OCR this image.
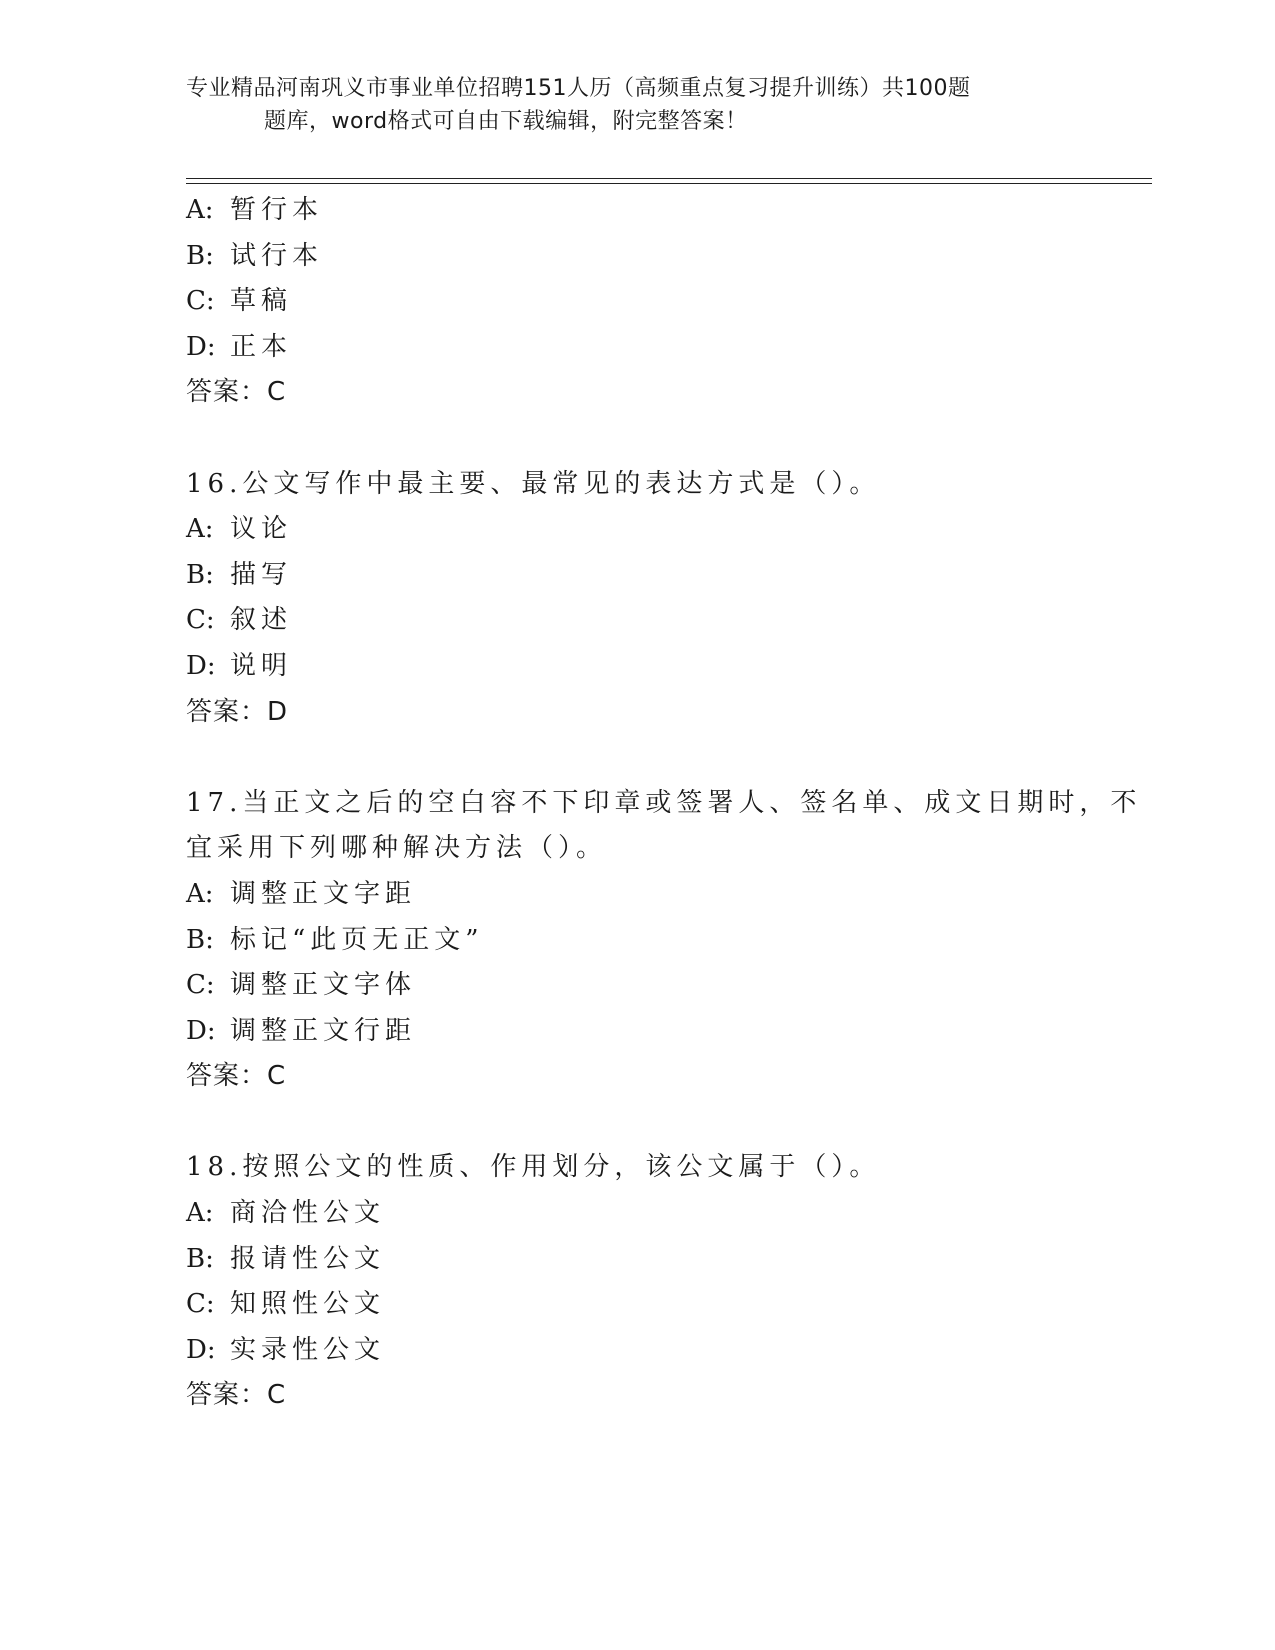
专业精品河南巩义市事业单位招聘151人历（高频重点复习提升训练）共100题
题库，word格式可自由下载编辑，附完整答案！
A: 暂行本
B: 试行本
C: 草稿
D: 正本
答案：C
16.公文写作中最主要、最常见的表达方式是（）。
A: 议论
B: 描写
C: 叙述
D: 说明
答案：D
17.当正文之后的空白容不下印章或签署人、签名单、成文日期时，不
宜采用下列哪种解决方法（）。
A: 调整正文字距
B: 标记“此页无正文”
C: 调整正文字体
D: 调整正文行距
答案：C
18.按照公文的性质、作用划分，该公文属于（）。
A: 商洽性公文
B: 报请性公文
C: 知照性公文
D: 实录性公文
答案：C
